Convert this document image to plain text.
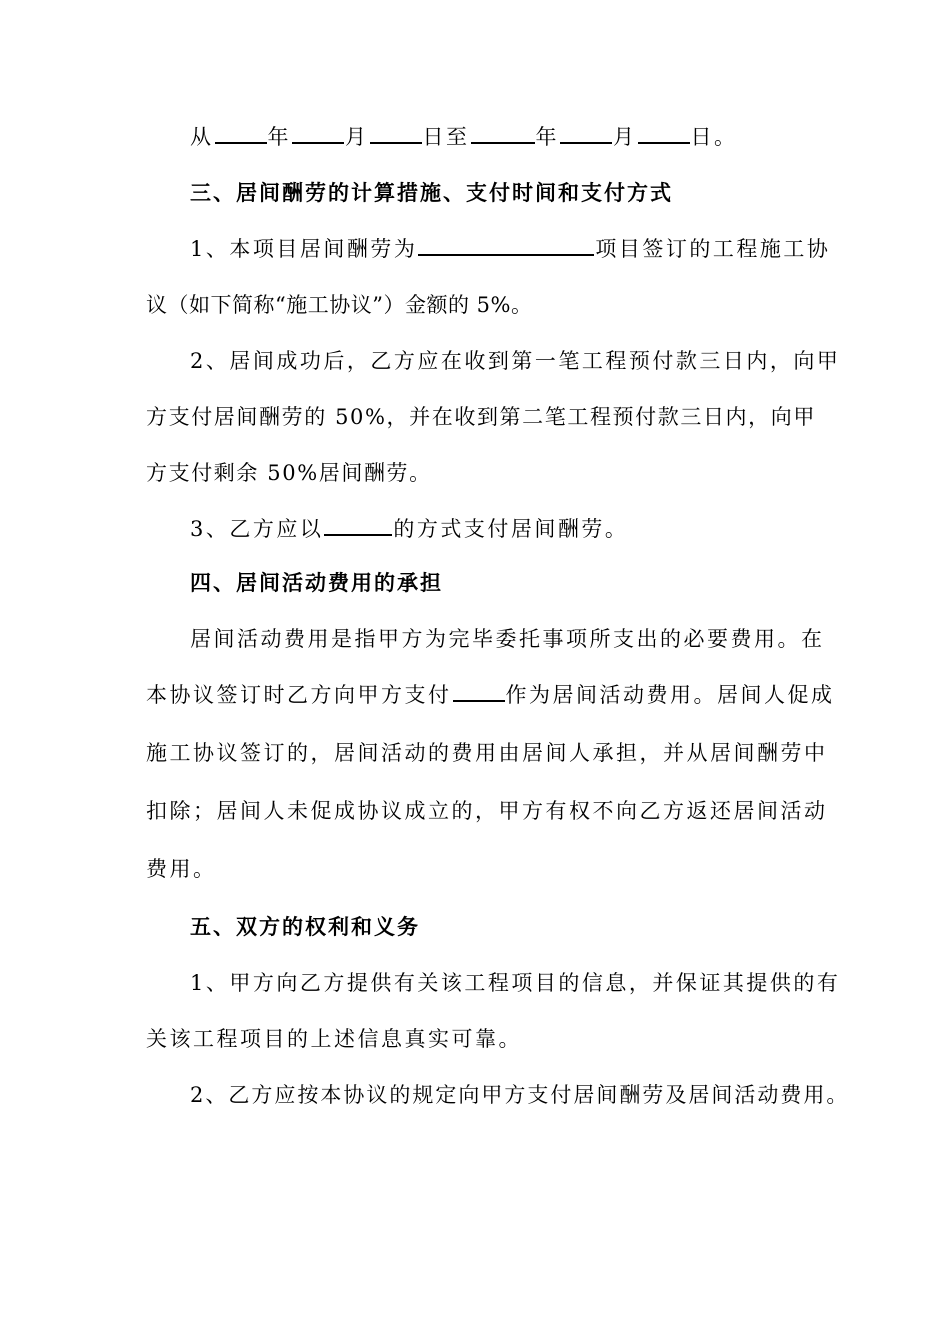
从	年	月	日至	年	月	日。
三、居间酬劳的计算措施、支付时间和支付方式
1、本项目居间酬劳为	项目签订的工程施工协
议（如下简称“施工协议”）金额的 5%。
2、居间成功后，乙方应在收到第一笔工程预付款三日内，向甲
方支付居间酬劳的 50%，并在收到第二笔工程预付款三日内，向甲
方支付剩余 50%居间酬劳。
3、乙方应以	的方式支付居间酬劳。
四、居间活动费用的承担
居间活动费用是指甲方为完毕委托事项所支出的必要费用。在
本协议签订时乙方向甲方支付	作为居间活动费用。居间人促成
施工协议签订的，居间活动的费用由居间人承担，并从居间酬劳中
扣除；居间人未促成协议成立的，甲方有权不向乙方返还居间活动
费用。
五、双方的权利和义务
1、甲方向乙方提供有关该工程项目的信息，并保证其提供的有
关该工程项目的上述信息真实可靠。
2、乙方应按本协议的规定向甲方支付居间酬劳及居间活动费用。
